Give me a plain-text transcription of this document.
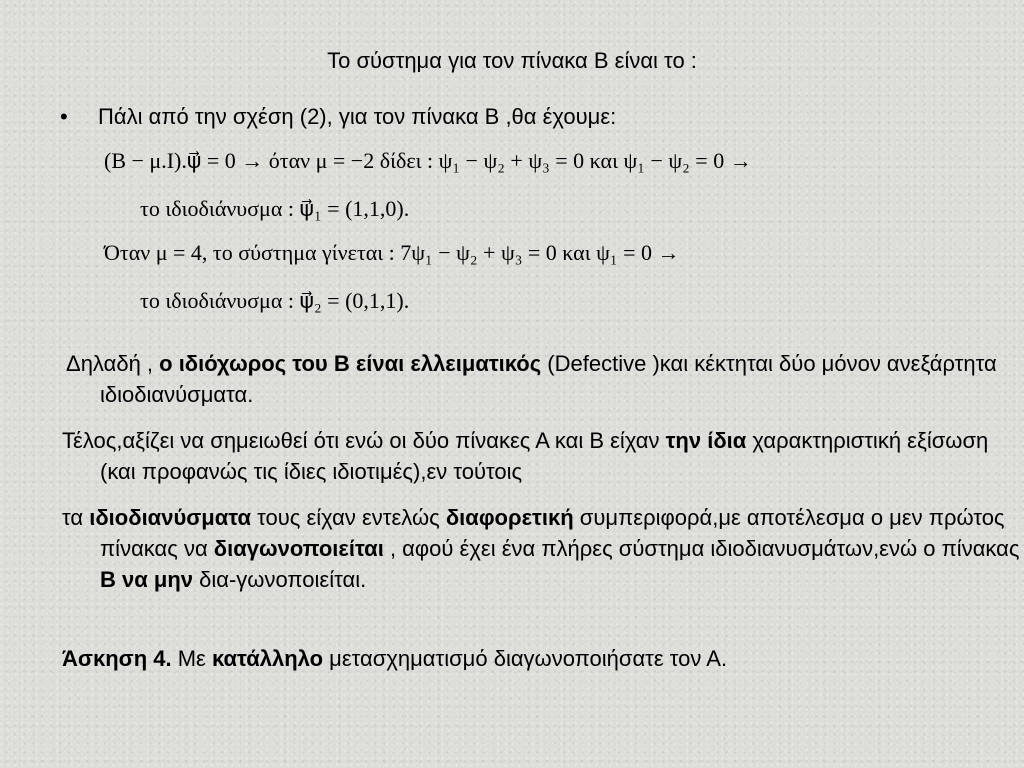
Το σύστημα για τον πίνακα Β είναι το :
• Πάλι από την σχέση (2), για τον πίνακα Β ,θα έχουμε:
(Β − μ.Ι).ψ⃗ = 0 → όταν μ = −2 δίδει : ψ₁ − ψ₂ + ψ₃ = 0 και ψ₁ − ψ₂ = 0 →
το ιδιοδιάνυσμα : ψ⃗₁ = (1,1,0).
Όταν μ = 4, το σύστημα γίνεται : 7ψ₁ − ψ₂ + ψ₃ = 0 και ψ₁ = 0 →
το ιδιοδιάνυσμα : ψ⃗₂ = (0,1,1).
Δηλαδή , ο ιδιόχωρος του Β είναι ελλειματικός (Defective )και κέκτηται δύο μόνον ανεξάρτητα ιδιοδιανύσματα.
Τέλος,αξίζει να σημειωθεί ότι ενώ οι δύο πίνακες Α και Β είχαν την ίδια χαρακτηριστική εξίσωση (και προφανώς τις ίδιες ιδιοτιμές),εν τούτοις
τα ιδιοδιανύσματα τους είχαν εντελώς διαφορετική συμπεριφορά,με αποτέλεσμα ο μεν πρώτος πίνακας να διαγωνοποιείται , αφού έχει ένα πλήρες σύστημα ιδιοδιανυσμάτων,ενώ ο πίνακας Β να μην δια-γωνοποιείται.
Άσκηση 4. Με κατάλληλο μετασχηματισμό διαγωνοποιήσατε τον Α.
